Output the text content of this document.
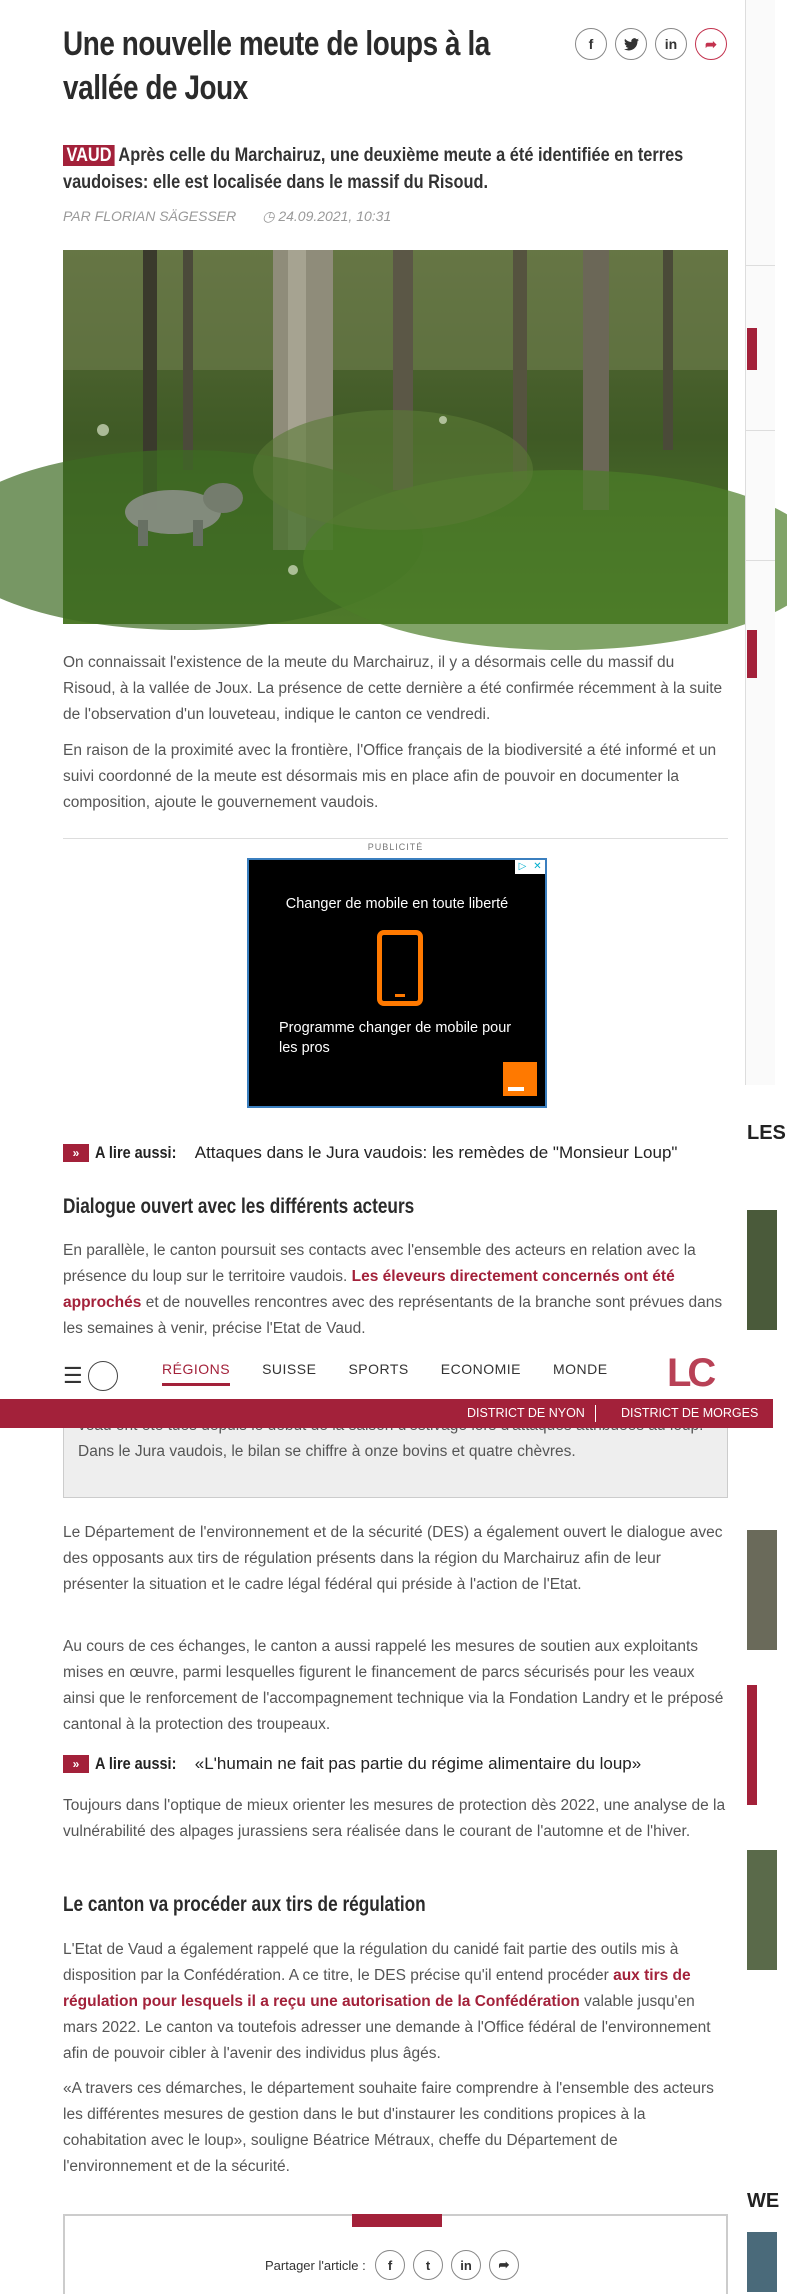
Une nouvelle meute de loups à la vallée de Joux
f	in	➦

VAUD Après celle du Marchairuz, une deuxième meute a été identifiée en terres vaudoises: elle est localisée dans le massif du Risoud.

PAR FLORIAN SÄGESSER ◷ 24.09.2021, 10:31

On connaissait l'existence de la meute du Marchairuz, il y a désormais celle du massif du Risoud, à la vallée de Joux. La présence de cette dernière a été confirmée récemment à la suite de l'observation d'un louveteau, indique le canton ce vendredi.

En raison de la proximité avec la frontière, l'Office français de la biodiversité a été informé et un suivi coordonné de la meute est désormais mis en place afin de pouvoir en documenter la composition, ajoute le gouvernement vaudois.

PUBLICITÉ
▷ ✕
Changer de mobile en toute liberté
Programme changer de mobile pour les pros
» A lire aussi: Attaques dans le Jura vaudois: les remèdes de "Monsieur Loup"
Dialogue ouvert avec les différents acteurs

En parallèle, le canton poursuit ses contacts avec l'ensemble des acteurs en relation avec la présence du loup sur le territoire vaudois. Les éleveurs directement concernés ont été approchés et de nouvelles rencontres avec des représentants de la branche sont prévues dans les semaines à venir, précise l'Etat de Vaud.

Dans le Jura vaudois, le bilan se chiffre à onze bovins et quatre chèvres.

Le Département de l'environnement et de la sécurité (DES) a également ouvert le dialogue avec des opposants aux tirs de régulation présents dans la région du Marchairuz afin de leur présenter la situation et le cadre légal fédéral qui préside à l'action de l'Etat.

Au cours de ces échanges, le canton a aussi rappelé les mesures de soutien aux exploitants mises en œuvre, parmi lesquelles figurent le financement de parcs sécurisés pour les veaux ainsi que le renforcement de l'accompagnement technique via la Fondation Landry et le préposé cantonal à la protection des troupeaux.

» A lire aussi: «L'humain ne fait pas partie du régime alimentaire du loup»

Toujours dans l'optique de mieux orienter les mesures de protection dès 2022, une analyse de la vulnérabilité des alpages jurassiens sera réalisée dans le courant de l'automne et de l'hiver.

Le canton va procéder aux tirs de régulation

L'Etat de Vaud a également rappelé que la régulation du canidé fait partie des outils mis à disposition par la Confédération. A ce titre, le DES précise qu'il entend procéder aux tirs de régulation pour lesquels il a reçu une autorisation de la Confédération valable jusqu'en mars 2022. Le canton va toutefois adresser une demande à l'Office fédéral de l'environnement afin de pouvoir cibler à l'avenir des individus plus âgés.

«A travers ces démarches, le département souhaite faire comprendre à l'ensemble des acteurs les différentes mesures de gestion dans le but d'instaurer les conditions propices à la cohabitation avec le loup», souligne Béatrice Métraux, cheffe du Département de l'environnement et de la sécurité.

Partager l'article :	f	t	in	➦
☰	RÉGIONS SUISSE SPORTS ECONOMIE MONDE LC
DISTRICT DE NYON	DISTRICT DE MORGES
LES
WE
